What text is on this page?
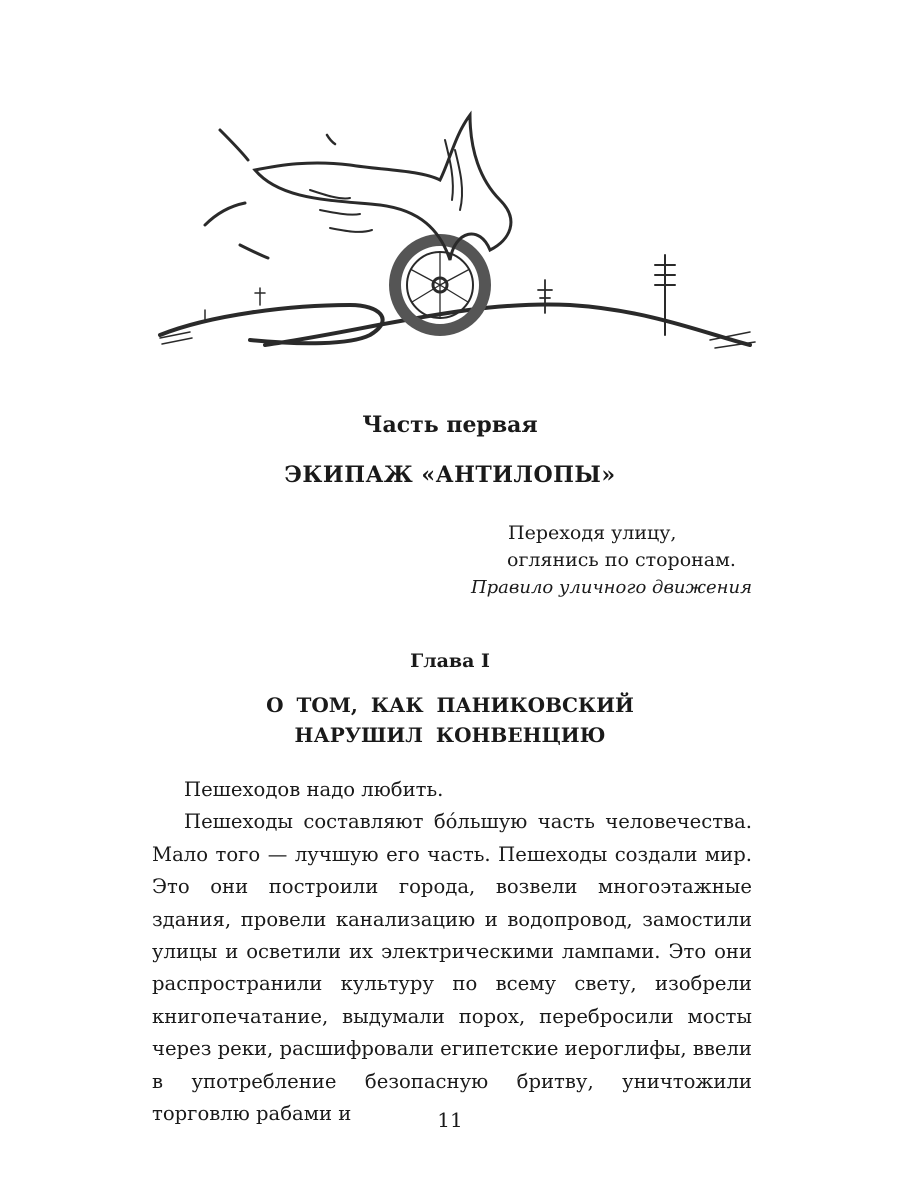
Часть первая
ЭКИПАЖ «АНТИЛОПЫ»
Переходя улицу,
оглянись по сторонам.
Правило уличного движения
Глава I
О ТОМ, КАК ПАНИКОВСКИЙ НАРУШИЛ КОНВЕНЦИЮ

Пешеходов надо любить.

Пешеходы составляют бóльшую часть человечества. Мало того — лучшую его часть. Пешеходы создали мир. Это они построили города, возвели многоэтажные здания, провели канализацию и водопровод, замостили улицы и осветили их электрическими лампами. Это они распространили культуру по всему свету, изобрели книгопечатание, выдумали порох, перебросили мосты через реки, расшифровали египетские иероглифы, ввели в употребление безопасную бритву, уничтожили торговлю рабами и	11
